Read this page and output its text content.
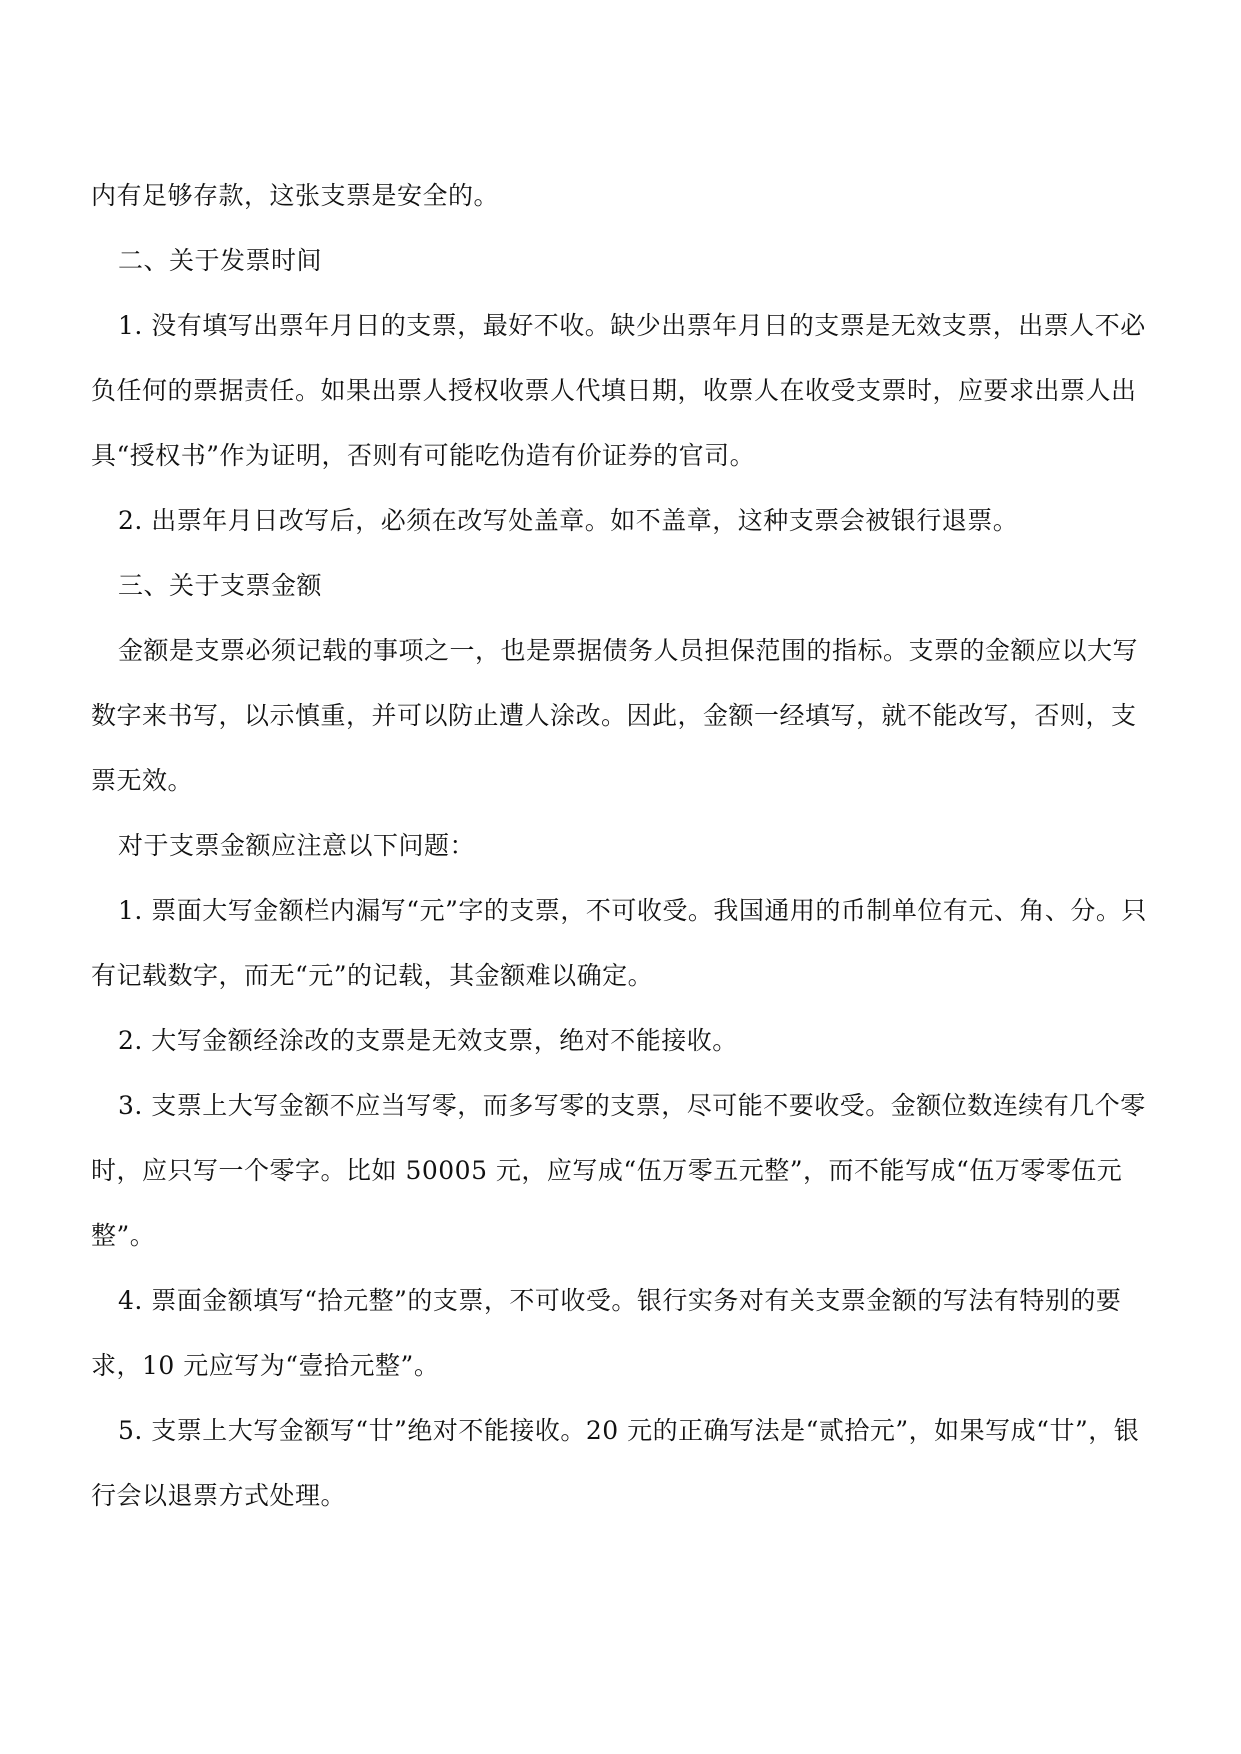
内有足够存款，这张支票是安全的。

二、关于发票时间

1. 没有填写出票年月日的支票，最好不收。缺少出票年月日的支票是无效支票，出票人不必负任何的票据责任。如果出票人授权收票人代填日期，收票人在收受支票时，应要求出票人出具“授权书”作为证明，否则有可能吃伪造有价证券的官司。

2. 出票年月日改写后，必须在改写处盖章。如不盖章，这种支票会被银行退票。

三、关于支票金额

金额是支票必须记载的事项之一，也是票据债务人员担保范围的指标。支票的金额应以大写数字来书写，以示慎重，并可以防止遭人涂改。因此，金额一经填写，就不能改写，否则，支票无效。

对于支票金额应注意以下问题：

1. 票面大写金额栏内漏写“元”字的支票，不可收受。我国通用的币制单位有元、角、分。只有记载数字，而无“元”的记载，其金额难以确定。

2. 大写金额经涂改的支票是无效支票，绝对不能接收。

3. 支票上大写金额不应当写零，而多写零的支票，尽可能不要收受。金额位数连续有几个零时，应只写一个零字。比如 50005 元，应写成“伍万零五元整”，而不能写成“伍万零零伍元整”。

4. 票面金额填写“拾元整”的支票，不可收受。银行实务对有关支票金额的写法有特别的要求，10 元应写为“壹拾元整”。

5. 支票上大写金额写“廿”绝对不能接收。20 元的正确写法是“贰拾元”，如果写成“廿”，银行会以退票方式处理。
